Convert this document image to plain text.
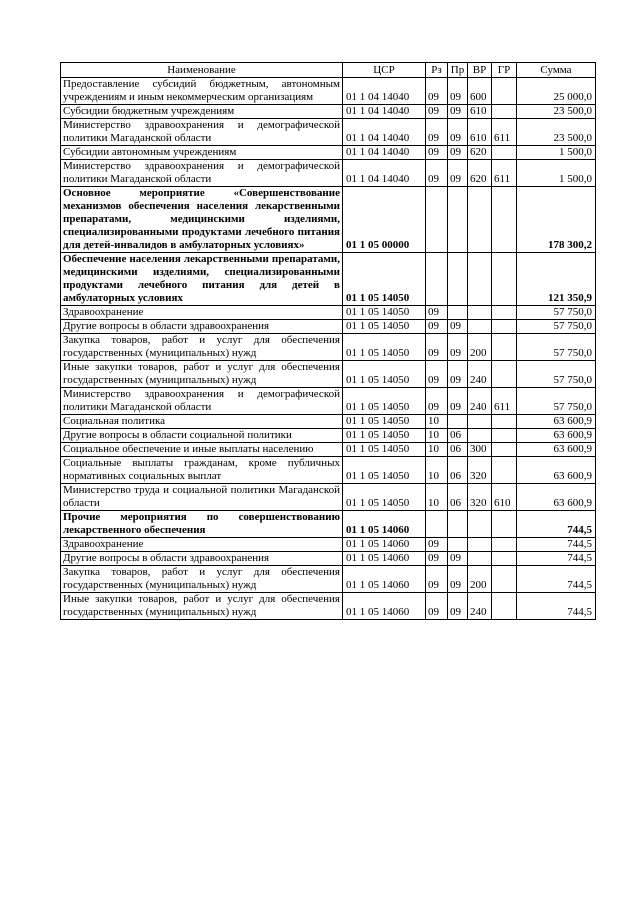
Наименование	ЦСР	Рз	Пр	ВР	ГР	Сумма
Предоставление субсидий бюджетным, автономным учреждениям и иным некоммерческим организациям	01 1 04 14040	09	09	600		25 000,0
Субсидии бюджетным учреждениям	01 1 04 14040	09	09	610		23 500,0
Министерство здравоохранения и демографической политики Магаданской области	01 1 04 14040	09	09	610	611	23 500,0
Субсидии автономным учреждениям	01 1 04 14040	09	09	620		1 500,0
Министерство здравоохранения и демографической политики Магаданской области	01 1 04 14040	09	09	620	611	1 500,0
Основное мероприятие «Совершенствование механизмов обеспечения населения лекарственными препаратами, медицинскими изделиями, специализированными продуктами лечебного питания для детей-инвалидов в амбулаторных условиях»	01 1 05 00000					178 300,2
Обеспечение населения лекарственными препаратами, медицинскими изделиями, специализированными продуктами лечебного питания для детей в амбулаторных условиях	01 1 05 14050					121 350,9
Здравоохранение	01 1 05 14050	09				57 750,0
Другие вопросы в области здравоохранения	01 1 05 14050	09	09			57 750,0
Закупка товаров, работ и услуг для обеспечения государственных (муниципальных) нужд	01 1 05 14050	09	09	200		57 750,0
Иные закупки товаров, работ и услуг для обеспечения государственных (муниципальных) нужд	01 1 05 14050	09	09	240		57 750,0
Министерство здравоохранения и демографической политики Магаданской области	01 1 05 14050	09	09	240	611	57 750,0
Социальная политика	01 1 05 14050	10				63 600,9
Другие вопросы в области социальной политики	01 1 05 14050	10	06			63 600,9
Социальное обеспечение и иные выплаты населению	01 1 05 14050	10	06	300		63 600,9
Социальные выплаты гражданам, кроме публичных нормативных социальных выплат	01 1 05 14050	10	06	320		63 600,9
Министерство труда и социальной политики Магаданской области	01 1 05 14050	10	06	320	610	63 600,9
Прочие мероприятия по совершенствованию лекарственного обеспечения	01 1 05 14060					744,5
Здравоохранение	01 1 05 14060	09				744,5
Другие вопросы в области здравоохранения	01 1 05 14060	09	09			744,5
Закупка товаров, работ и услуг для обеспечения государственных (муниципальных) нужд	01 1 05 14060	09	09	200		744,5
Иные закупки товаров, работ и услуг для обеспечения государственных (муниципальных) нужд	01 1 05 14060	09	09	240		744,5
